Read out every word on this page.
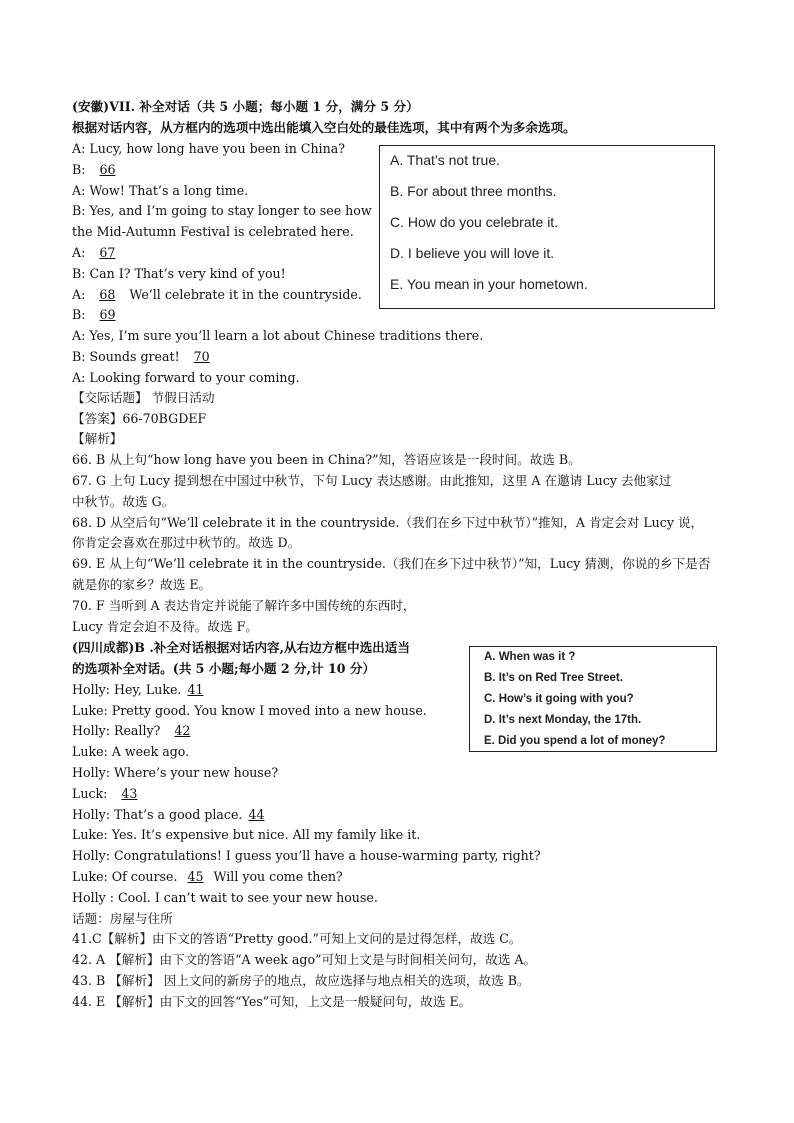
(安徽)VII. 补全对话（共 5 小题；每小题 1 分，满分 5 分）
根据对话内容，从方框内的选项中选出能填入空白处的最佳选项，其中有两个为多余选项。
A: Lucy, how long have you been in China?
B: 66
A: Wow! That’s a long time.
B: Yes, and I’m going to stay longer to see how
the Mid-Autumn Festival is celebrated here.
A: 67
B: Can I? That’s very kind of you!
A: 68 We’ll celebrate it in the countryside.
B: 69
A: Yes, I’m sure you’ll learn a lot about Chinese traditions there.
B: Sounds great! 70
A: Looking forward to your coming.
A. That’s not true.
B. For about three months.
C. How do you celebrate it.
D. I believe you will love it.
E. You mean in your hometown.
【交际话题】 节假日活动
【答案】66-70BGDEF
【解析】
66. B 从上句“how long have you been in China?”知，答语应该是一段时间。故选 B。
67. G 上句 Lucy 提到想在中国过中秋节，下句 Lucy 表达感谢。由此推知，这里 A 在邀请 Lucy 去他家过
中秋节。故选 G。
68. D 从空后句“We’ll celebrate it in the countryside.（我们在乡下过中秋节）”推知，A 肯定会对 Lucy 说，
你肯定会喜欢在那过中秋节的。故选 D。
69. E 从上句“We’ll celebrate it in the countryside.（我们在乡下过中秋节）”知，Lucy 猜测，你说的乡下是否
就是你的家乡？故选 E。
70. F 当听到 A 表达肯定并说能了解许多中国传统的东西时，
Lucy 肯定会迫不及待。故选 F。
(四川成都)B .补全对话根据对话内容,从右边方框中选出适当
的选项补全对话。(共 5 小题;每小题 2 分,计 10 分）
A. When was it ?
B. It’s on Red Tree Street.
C. How’s it going with you?
D. It’s next Monday, the 17th.
E. Did you spend a lot of money?
Holly: Hey, Luke. 41
Luke: Pretty good. You know I moved into a new house.
Holly: Really? 42
Luke: A week ago.
Holly: Where’s your new house?
Luck: 43
Holly: That’s a good place. 44
Luke: Yes. It’s expensive but nice. All my family like it.
Holly: Congratulations! I guess you’ll have a house-warming party, right?
Luke: Of course. 45 Will you come then?
Holly : Cool. I can’t wait to see your new house.
话题：房屋与住所
41.C【解析】由下文的答语“Pretty good.”可知上文问的是过得怎样，故选 C。
42. A 【解析】由下文的答语“A week ago”可知上文是与时间相关问句，故选 A。
43. B 【解析】 因上文问的新房子的地点，故应选择与地点相关的选项，故选 B。
44. E 【解析】由下文的回答“Yes”可知，上文是一般疑问句，故选 E。
